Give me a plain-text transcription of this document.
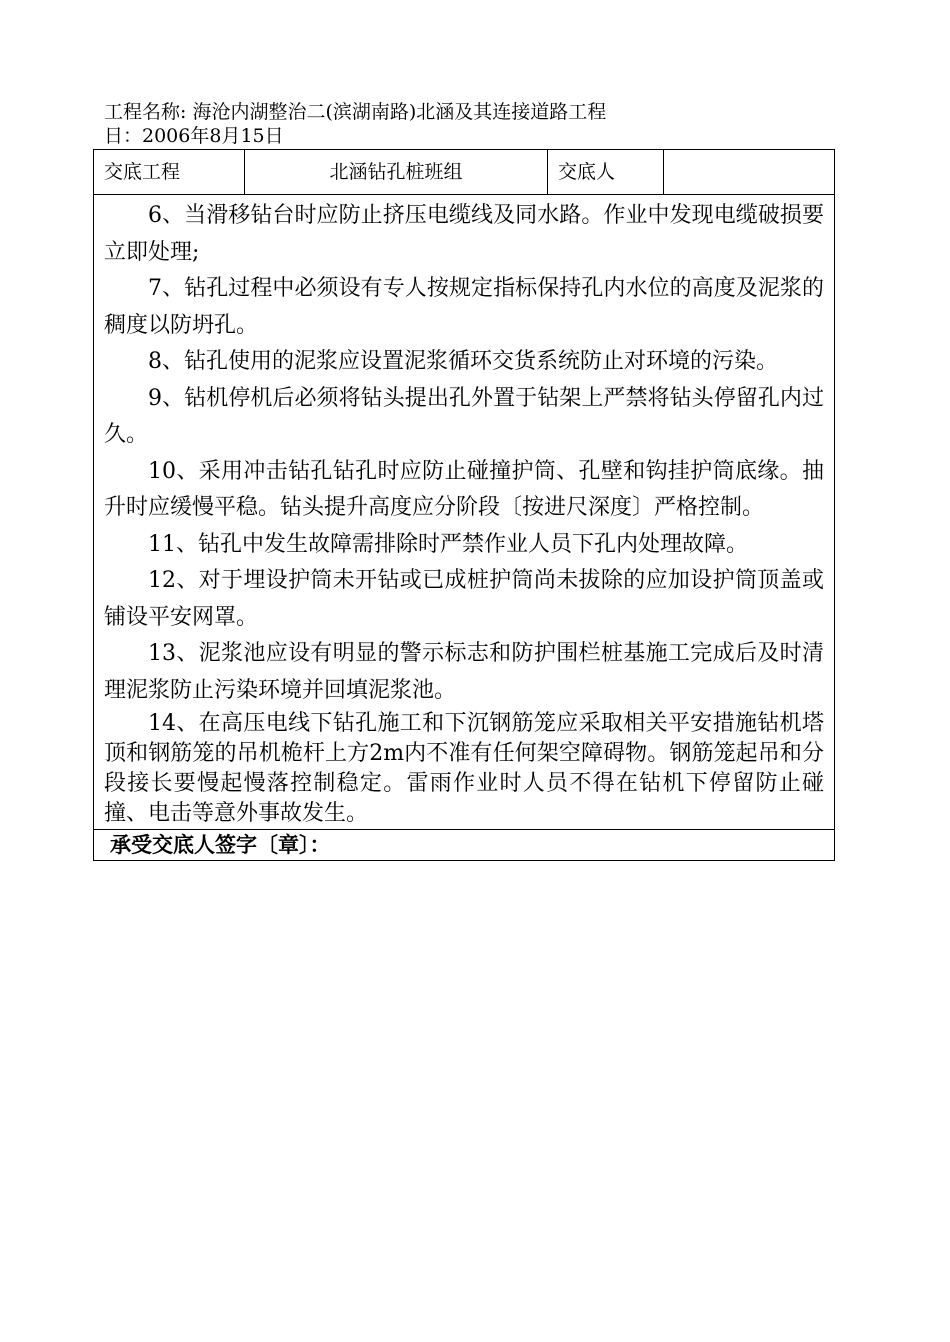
工程名称: 海沧内湖整治二(滨湖南路)北涵及其连接道路工程
日：2006年8月15日
交底工程	北涵钻孔桩班组	交底人	

6、当滑移钻台时应防止挤压电缆线及同水路。作业中发现电缆破损要立即处理;

7、钻孔过程中必须设有专人按规定指标保持孔内水位的高度及泥浆的稠度以防坍孔。

8、钻孔使用的泥浆应设置泥浆循环交货系统防止对环境的污染。

9、钻机停机后必须将钻头提出孔外置于钻架上严禁将钻头停留孔内过久。

10、采用冲击钻孔钻孔时应防止碰撞护筒、孔壁和钩挂护筒底缘。抽升时应缓慢平稳。钻头提升高度应分阶段〔按进尺深度〕严格控制。

11、钻孔中发生故障需排除时严禁作业人员下孔内处理故障。

12、对于埋设护筒未开钻或已成桩护筒尚未拔除的应加设护筒顶盖或铺设平安网罩。

13、泥浆池应设有明显的警示标志和防护围栏桩基施工完成后及时清理泥浆防止污染环境并回填泥浆池。

14、在高压电线下钻孔施工和下沉钢筋笼应采取相关平安措施钻机塔顶和钢筋笼的吊机桅杆上方2m内不准有任何架空障碍物。钢筋笼起吊和分段接长要慢起慢落控制稳定。雷雨作业时人员不得在钻机下停留防止碰撞、电击等意外事故发生。

承受交底人签字〔章〕：
